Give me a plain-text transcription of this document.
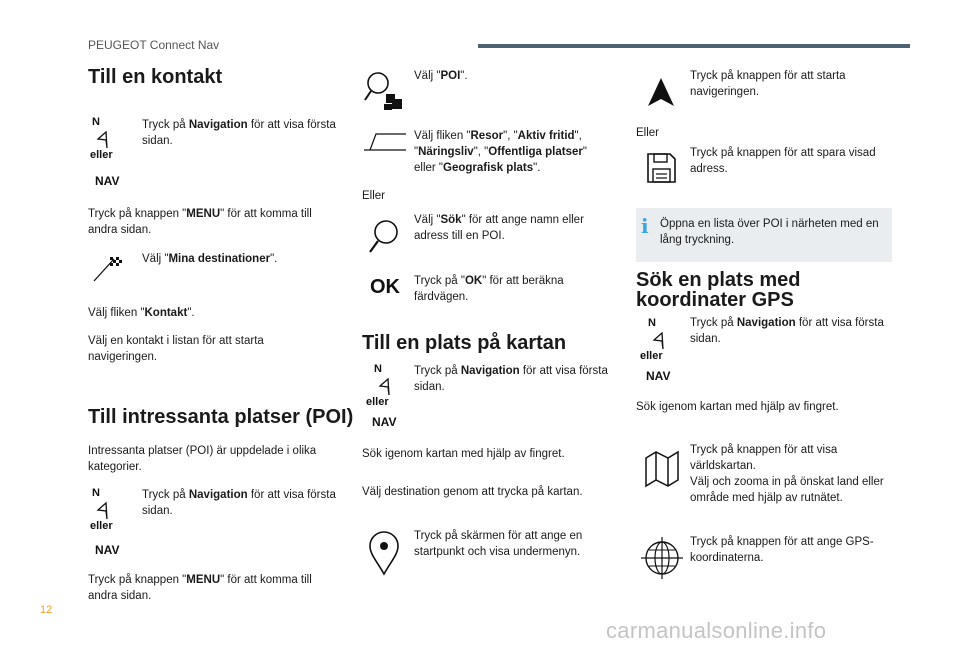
PEUGEOT Connect Nav
Till en kontakt
N
eller
NAV
Tryck på Navigation för att visa första sidan.
Tryck på knappen "MENU" för att komma till andra sidan.
Välj "Mina destinationer".
Välj fliken "Kontakt".
Välj en kontakt i listan för att starta navigeringen.
Till intressanta platser (POI)
Intressanta platser (POI) är uppdelade i olika kategorier.
N
eller
NAV
Tryck på Navigation för att visa första sidan.
Tryck på knappen "MENU" för att komma till andra sidan.
Välj "POI".
Välj fliken "Resor", "Aktiv fritid",
"Näringsliv", "Offentliga platser"
eller "Geografisk plats".
Eller
Välj "Sök" för att ange namn eller adress till en POI.
OK Tryck på "OK" för att beräkna färdvägen.
Till en plats på kartan
N
eller
NAV
Tryck på Navigation för att visa första sidan.
Sök igenom kartan med hjälp av fingret.
Välj destination genom att trycka på kartan.
Tryck på skärmen för att ange en startpunkt och visa undermenyn.
Tryck på knappen för att starta navigeringen.
Eller
Tryck på knappen för att spara visad adress.
i Öppna en lista över POI i närheten med en lång tryckning.
Sök en plats med
koordinater GPS
N
eller
NAV
Tryck på Navigation för att visa första sidan.
Sök igenom kartan med hjälp av fingret.
Tryck på knappen för att visa världskartan.
Välj och zooma in på önskat land eller område med hjälp av rutnätet.
Tryck på knappen för att ange GPS-koordinaterna.
12
carmanualsonline.info
